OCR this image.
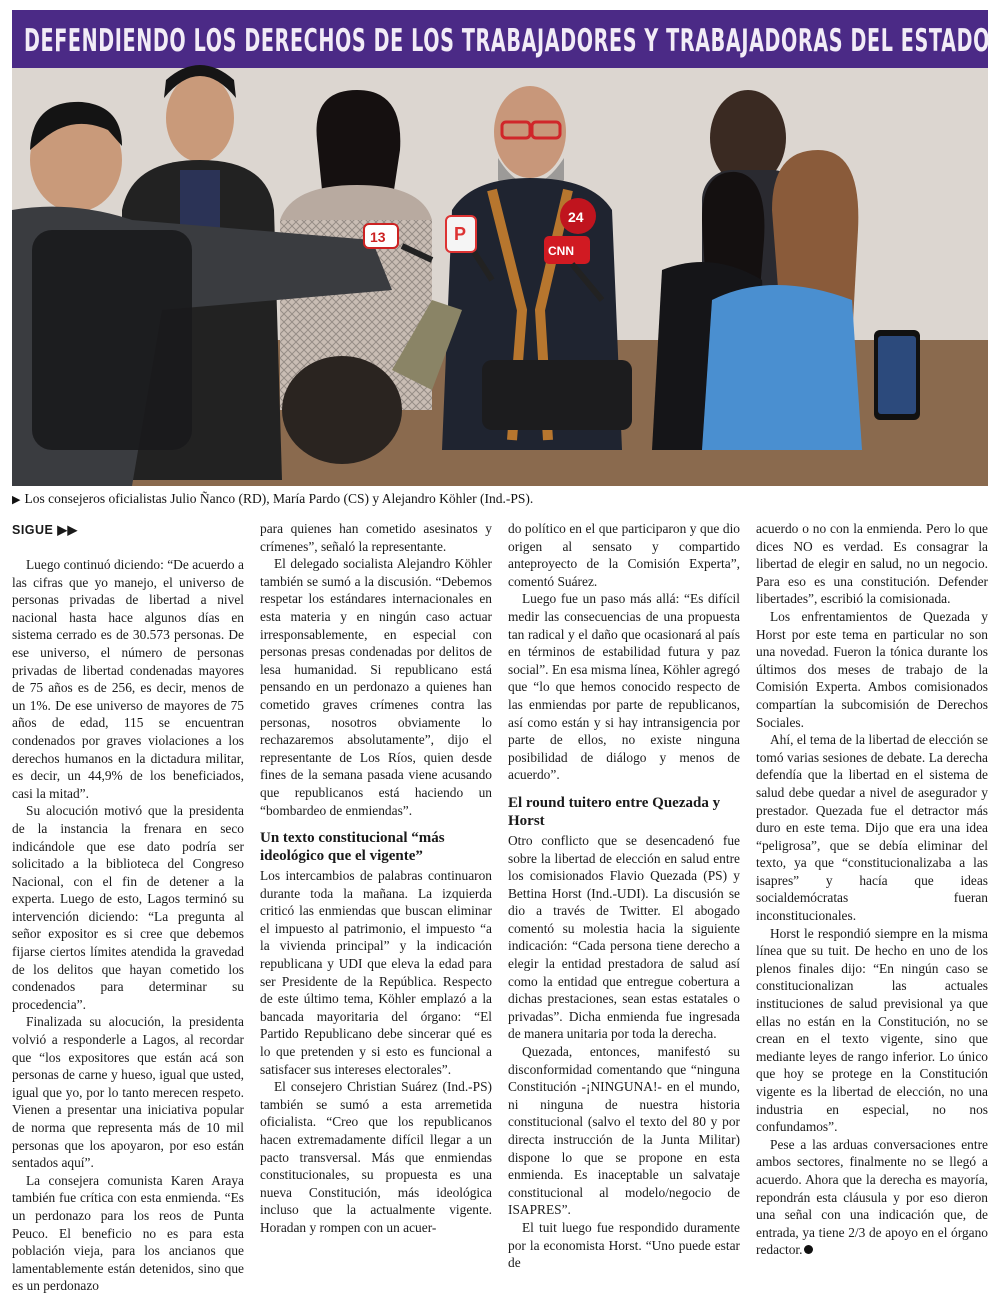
DEFENDIENDO LOS DERECHOS DE LOS TRABAJADORES Y TRABAJADORAS DEL ESTADO
13	P
24
CNN
▶ Los consejeros oficialistas Julio Ñanco (RD), María Pardo (CS) y Alejandro Köhler (Ind.-PS).
SIGUE ▶▶

Luego continuó diciendo: “De acuerdo a las cifras que yo manejo, el universo de personas privadas de libertad a nivel nacional hasta hace algunos días en sistema cerrado es de 30.573 personas. De ese universo, el número de personas privadas de libertad condenadas mayores de 75 años es de 256, es decir, menos de un 1%. De ese universo de mayores de 75 años de edad, 115 se encuentran condenados por graves violaciones a los derechos humanos en la dictadura militar, es decir, un 44,9% de los beneficiados, casi la mitad”.

Su alocución motivó que la presidenta de la instancia la frenara en seco indicándole que ese dato podría ser solicitado a la biblioteca del Congreso Nacional, con el fin de detener a la experta. Luego de esto, Lagos terminó su intervención diciendo: “La pregunta al señor expositor es si cree que debemos fijarse ciertos límites atendida la gravedad de los delitos que hayan cometido los condenados para determinar su procedencia”.

Finalizada su alocución, la presidenta volvió a responderle a Lagos, al recordar que “los expositores que están acá son personas de carne y hueso, igual que usted, igual que yo, por lo tanto merecen respeto. Vienen a presentar una iniciativa popular de norma que representa más de 10 mil personas que los apoyaron, por eso están sentados aquí”.

La consejera comunista Karen Araya también fue crítica con esta enmienda. “Es un perdonazo para los reos de Punta Peuco. El beneficio no es para esta población vieja, para los ancianos que lamentablemente están detenidos, sino que es un perdonazo

para quienes han cometido asesinatos y crímenes”, señaló la representante.

El delegado socialista Alejandro Köhler también se sumó a la discusión. “Debemos respetar los estándares internacionales en esta materia y en ningún caso actuar irresponsablemente, en especial con personas presas condenadas por delitos de lesa humanidad. Si republicano está pensando en un perdonazo a quienes han cometido graves crímenes contra las personas, nosotros obviamente lo rechazaremos absolutamente”, dijo el representante de Los Ríos, quien desde fines de la semana pasada viene acusando que republicanos está haciendo un “bombardeo de enmiendas”.

Un texto constitucional “más ideológico que el vigente”

Los intercambios de palabras continuaron durante toda la mañana. La izquierda criticó las enmiendas que buscan eliminar el impuesto al patrimonio, el impuesto “a la vivienda principal” y la indicación republicana y UDI que eleva la edad para ser Presidente de la República. Respecto de este último tema, Köhler emplazó a la bancada mayoritaria del órgano: “El Partido Republicano debe sincerar qué es lo que pretenden y si esto es funcional a satisfacer sus intereses electorales”.

El consejero Christian Suárez (Ind.-PS) también se sumó a esta arremetida oficialista. “Creo que los republicanos hacen extremadamente difícil llegar a un pacto transversal. Más que enmiendas constitucionales, su propuesta es una nueva Constitución, más ideológica incluso que la actualmente vigente. Horadan y rompen con un acuer-

do político en el que participaron y que dio origen al sensato y compartido anteproyecto de la Comisión Experta”, comentó Suárez.

Luego fue un paso más allá: “Es difícil medir las consecuencias de una propuesta tan radical y el daño que ocasionará al país en términos de estabilidad futura y paz social”. En esa misma línea, Köhler agregó que “lo que hemos conocido respecto de las enmiendas por parte de republicanos, así como están y si hay intransigencia por parte de ellos, no existe ninguna posibilidad de diálogo y menos de acuerdo”.

El round tuitero entre Quezada y Horst

Otro conflicto que se desencadenó fue sobre la libertad de elección en salud entre los comisionados Flavio Quezada (PS) y Bettina Horst (Ind.-UDI). La discusión se dio a través de Twitter. El abogado comentó su molestia hacia la siguiente indicación: “Cada persona tiene derecho a elegir la entidad prestadora de salud así como la entidad que entregue cobertura a dichas prestaciones, sean estas estatales o privadas”. Dicha enmienda fue ingresada de manera unitaria por toda la derecha.

Quezada, entonces, manifestó su disconformidad comentando que “ninguna Constitución -¡NINGUNA!- en el mundo, ni ninguna de nuestra historia constitucional (salvo el texto del 80 y por directa instrucción de la Junta Militar) dispone lo que se propone en esta enmienda. Es inaceptable un salvataje constitucional al modelo/negocio de ISAPRES”.

El tuit luego fue respondido duramente por la economista Horst. “Uno puede estar de

acuerdo o no con la enmienda. Pero lo que dices NO es verdad. Es consagrar la libertad de elegir en salud, no un negocio. Para eso es una constitución. Defender libertades”, escribió la comisionada.

Los enfrentamientos de Quezada y Horst por este tema en particular no son una novedad. Fueron la tónica durante los últimos dos meses de trabajo de la Comisión Experta. Ambos comisionados compartían la subcomisión de Derechos Sociales.

Ahí, el tema de la libertad de elección se tomó varias sesiones de debate. La derecha defendía que la libertad en el sistema de salud debe quedar a nivel de asegurador y prestador. Quezada fue el detractor más duro en este tema. Dijo que era una idea “peligrosa”, que se debía eliminar del texto, ya que “constitucionalizaba a las isapres” y hacía que ideas socialdemócratas fueran inconstitucionales.

Horst le respondió siempre en la misma línea que su tuit. De hecho en uno de los plenos finales dijo: “En ningún caso se constitucionalizan las actuales instituciones de salud previsional ya que ellas no están en la Constitución, no se crean en el texto vigente, sino que mediante leyes de rango inferior. Lo único que hoy se protege en la Constitución vigente es la libertad de elección, no una industria en especial, no nos confundamos”.

Pese a las arduas conversaciones entre ambos sectores, finalmente no se llegó a acuerdo. Ahora que la derecha es mayoría, repondrán esta cláusula y por eso dieron una señal con una indicación que, de entrada, ya tiene 2/3 de apoyo en el órgano redactor.
